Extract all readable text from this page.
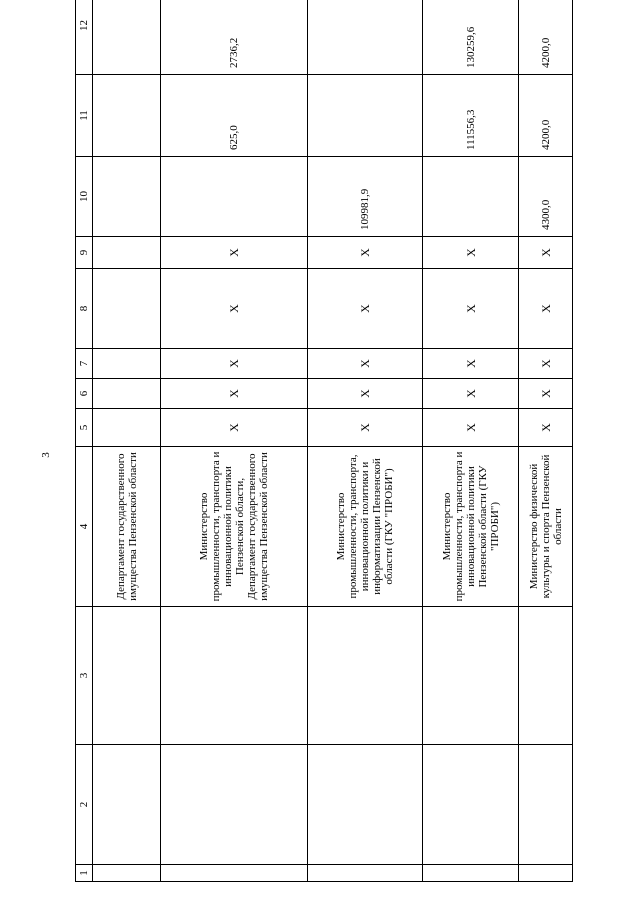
3
1	2	3	4	5	6	7	8	9	10	11	12
			Департамент государственного имущества Пензенской области								
			Министерство промышленности, транспорта и инновационной политики Пензенской области, Департамент государственного имущества Пензенской области	X	X	X	X	X		625,0	2736,2
			Министерство промышленности, транспорта, инновационной политики и информатизации Пензенской области (ГКУ "ПРОБИ")	X	X	X	X	X	109981,9		
			Министерство промышленности, транспорта и инновационной политики Пензенской области (ГКУ "ПРОБИ")	X	X	X	X	X		111556,3	130259,6
			Министерство физической культуры и спорта Пензенской области	X	X	X	X	X	4300,0	4200,0	4200,0
